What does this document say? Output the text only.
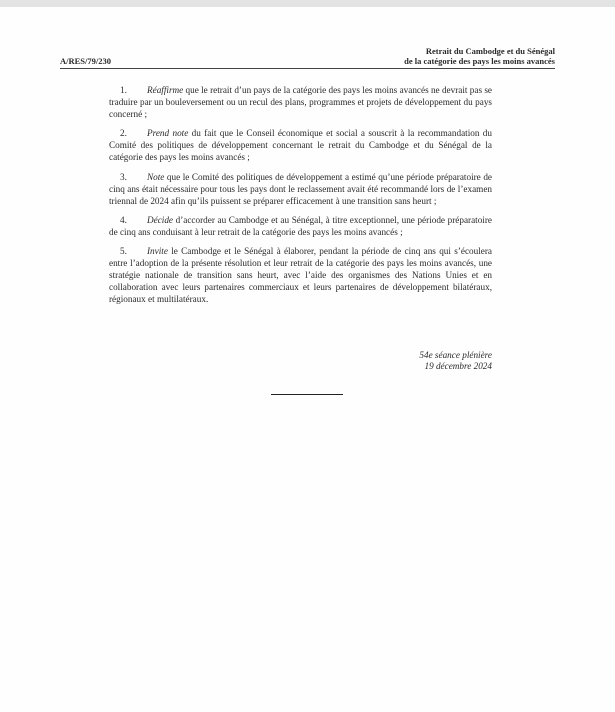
A/RES/79/230
Retrait du Cambodge et du Sénégal
de la catégorie des pays les moins avancés

1. Réaffirme que le retrait d’un pays de la catégorie des pays les moins avancés ne devrait pas se traduire par un bouleversement ou un recul des plans, programmes et projets de développement du pays concerné ;

2. Prend note du fait que le Conseil économique et social a souscrit à la recommandation du Comité des politiques de développement concernant le retrait du Cambodge et du Sénégal de la catégorie des pays les moins avancés ;

3. Note que le Comité des politiques de développement a estimé qu’une période préparatoire de cinq ans était nécessaire pour tous les pays dont le reclassement avait été recommandé lors de l’examen triennal de 2024 afin qu’ils puissent se préparer efficacement à une transition sans heurt ;

4. Décide d’accorder au Cambodge et au Sénégal, à titre exceptionnel, une période préparatoire de cinq ans conduisant à leur retrait de la catégorie des pays les moins avancés ;

5. Invite le Cambodge et le Sénégal à élaborer, pendant la période de cinq ans qui s’écoulera entre l’adoption de la présente résolution et leur retrait de la catégorie des pays les moins avancés, une stratégie nationale de transition sans heurt, avec l’aide des organismes des Nations Unies et en collaboration avec leurs partenaires commerciaux et leurs partenaires de développement bilatéraux, régionaux et multilatéraux.

54e séance plénière
19 décembre 2024
